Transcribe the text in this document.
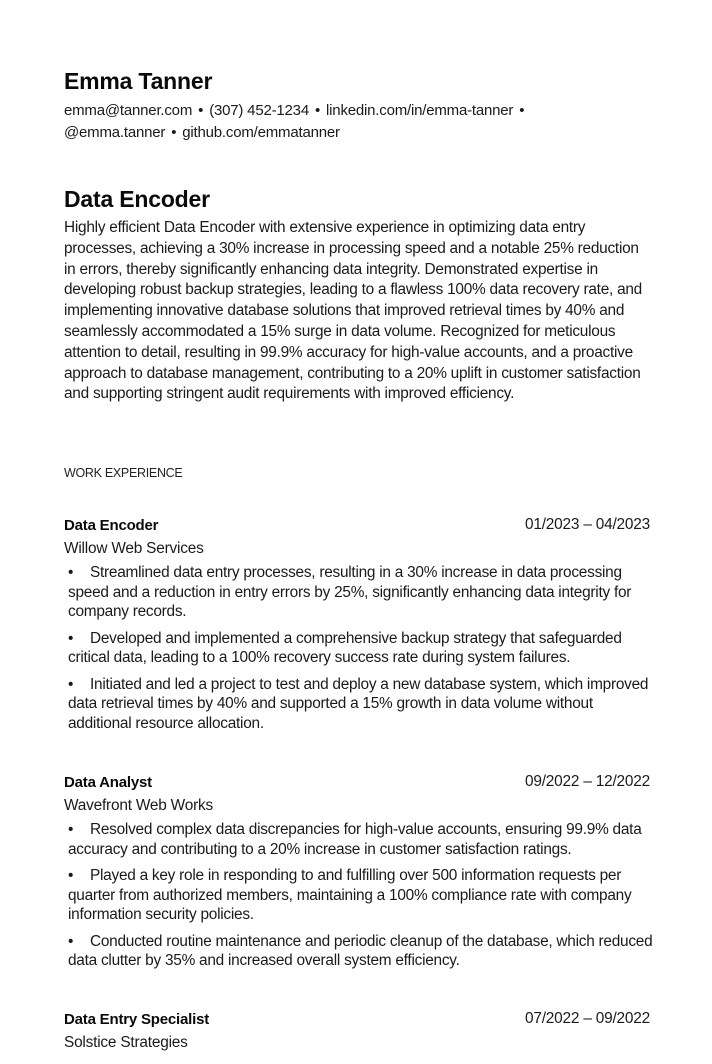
Emma Tanner
emma@tanner.com • (307) 452-1234 • linkedin.com/in/emma-tanner •
@emma.tanner • github.com/emmatanner
Data Encoder

Highly efficient Data Encoder with extensive experience in optimizing data entry processes, achieving a 30% increase in processing speed and a notable 25% reduction in errors, thereby significantly enhancing data integrity. Demonstrated expertise in developing robust backup strategies, leading to a flawless 100% data recovery rate, and implementing innovative database solutions that improved retrieval times by 40% and seamlessly accommodated a 15% surge in data volume. Recognized for meticulous attention to detail, resulting in 99.9% accuracy for high-value accounts, and a proactive approach to database management, contributing to a 20% uplift in customer satisfaction and supporting stringent audit requirements with improved efficiency.

WORK EXPERIENCE
Data Encoder	01/2023 – 04/2023
Willow Web Services
• Streamlined data entry processes, resulting in a 30% increase in data processing speed and a reduction in entry errors by 25%, significantly enhancing data integrity for company records.
• Developed and implemented a comprehensive backup strategy that safeguarded critical data, leading to a 100% recovery success rate during system failures.
• Initiated and led a project to test and deploy a new database system, which improved data retrieval times by 40% and supported a 15% growth in data volume without additional resource allocation.
Data Analyst	09/2022 – 12/2022
Wavefront Web Works
• Resolved complex data discrepancies for high-value accounts, ensuring 99.9% data accuracy and contributing to a 20% increase in customer satisfaction ratings.
• Played a key role in responding to and fulfilling over 500 information requests per quarter from authorized members, maintaining a 100% compliance rate with company information security policies.
• Conducted routine maintenance and periodic cleanup of the database, which reduced data clutter by 35% and increased overall system efficiency.
Data Entry Specialist	07/2022 – 09/2022
Solstice Strategies
